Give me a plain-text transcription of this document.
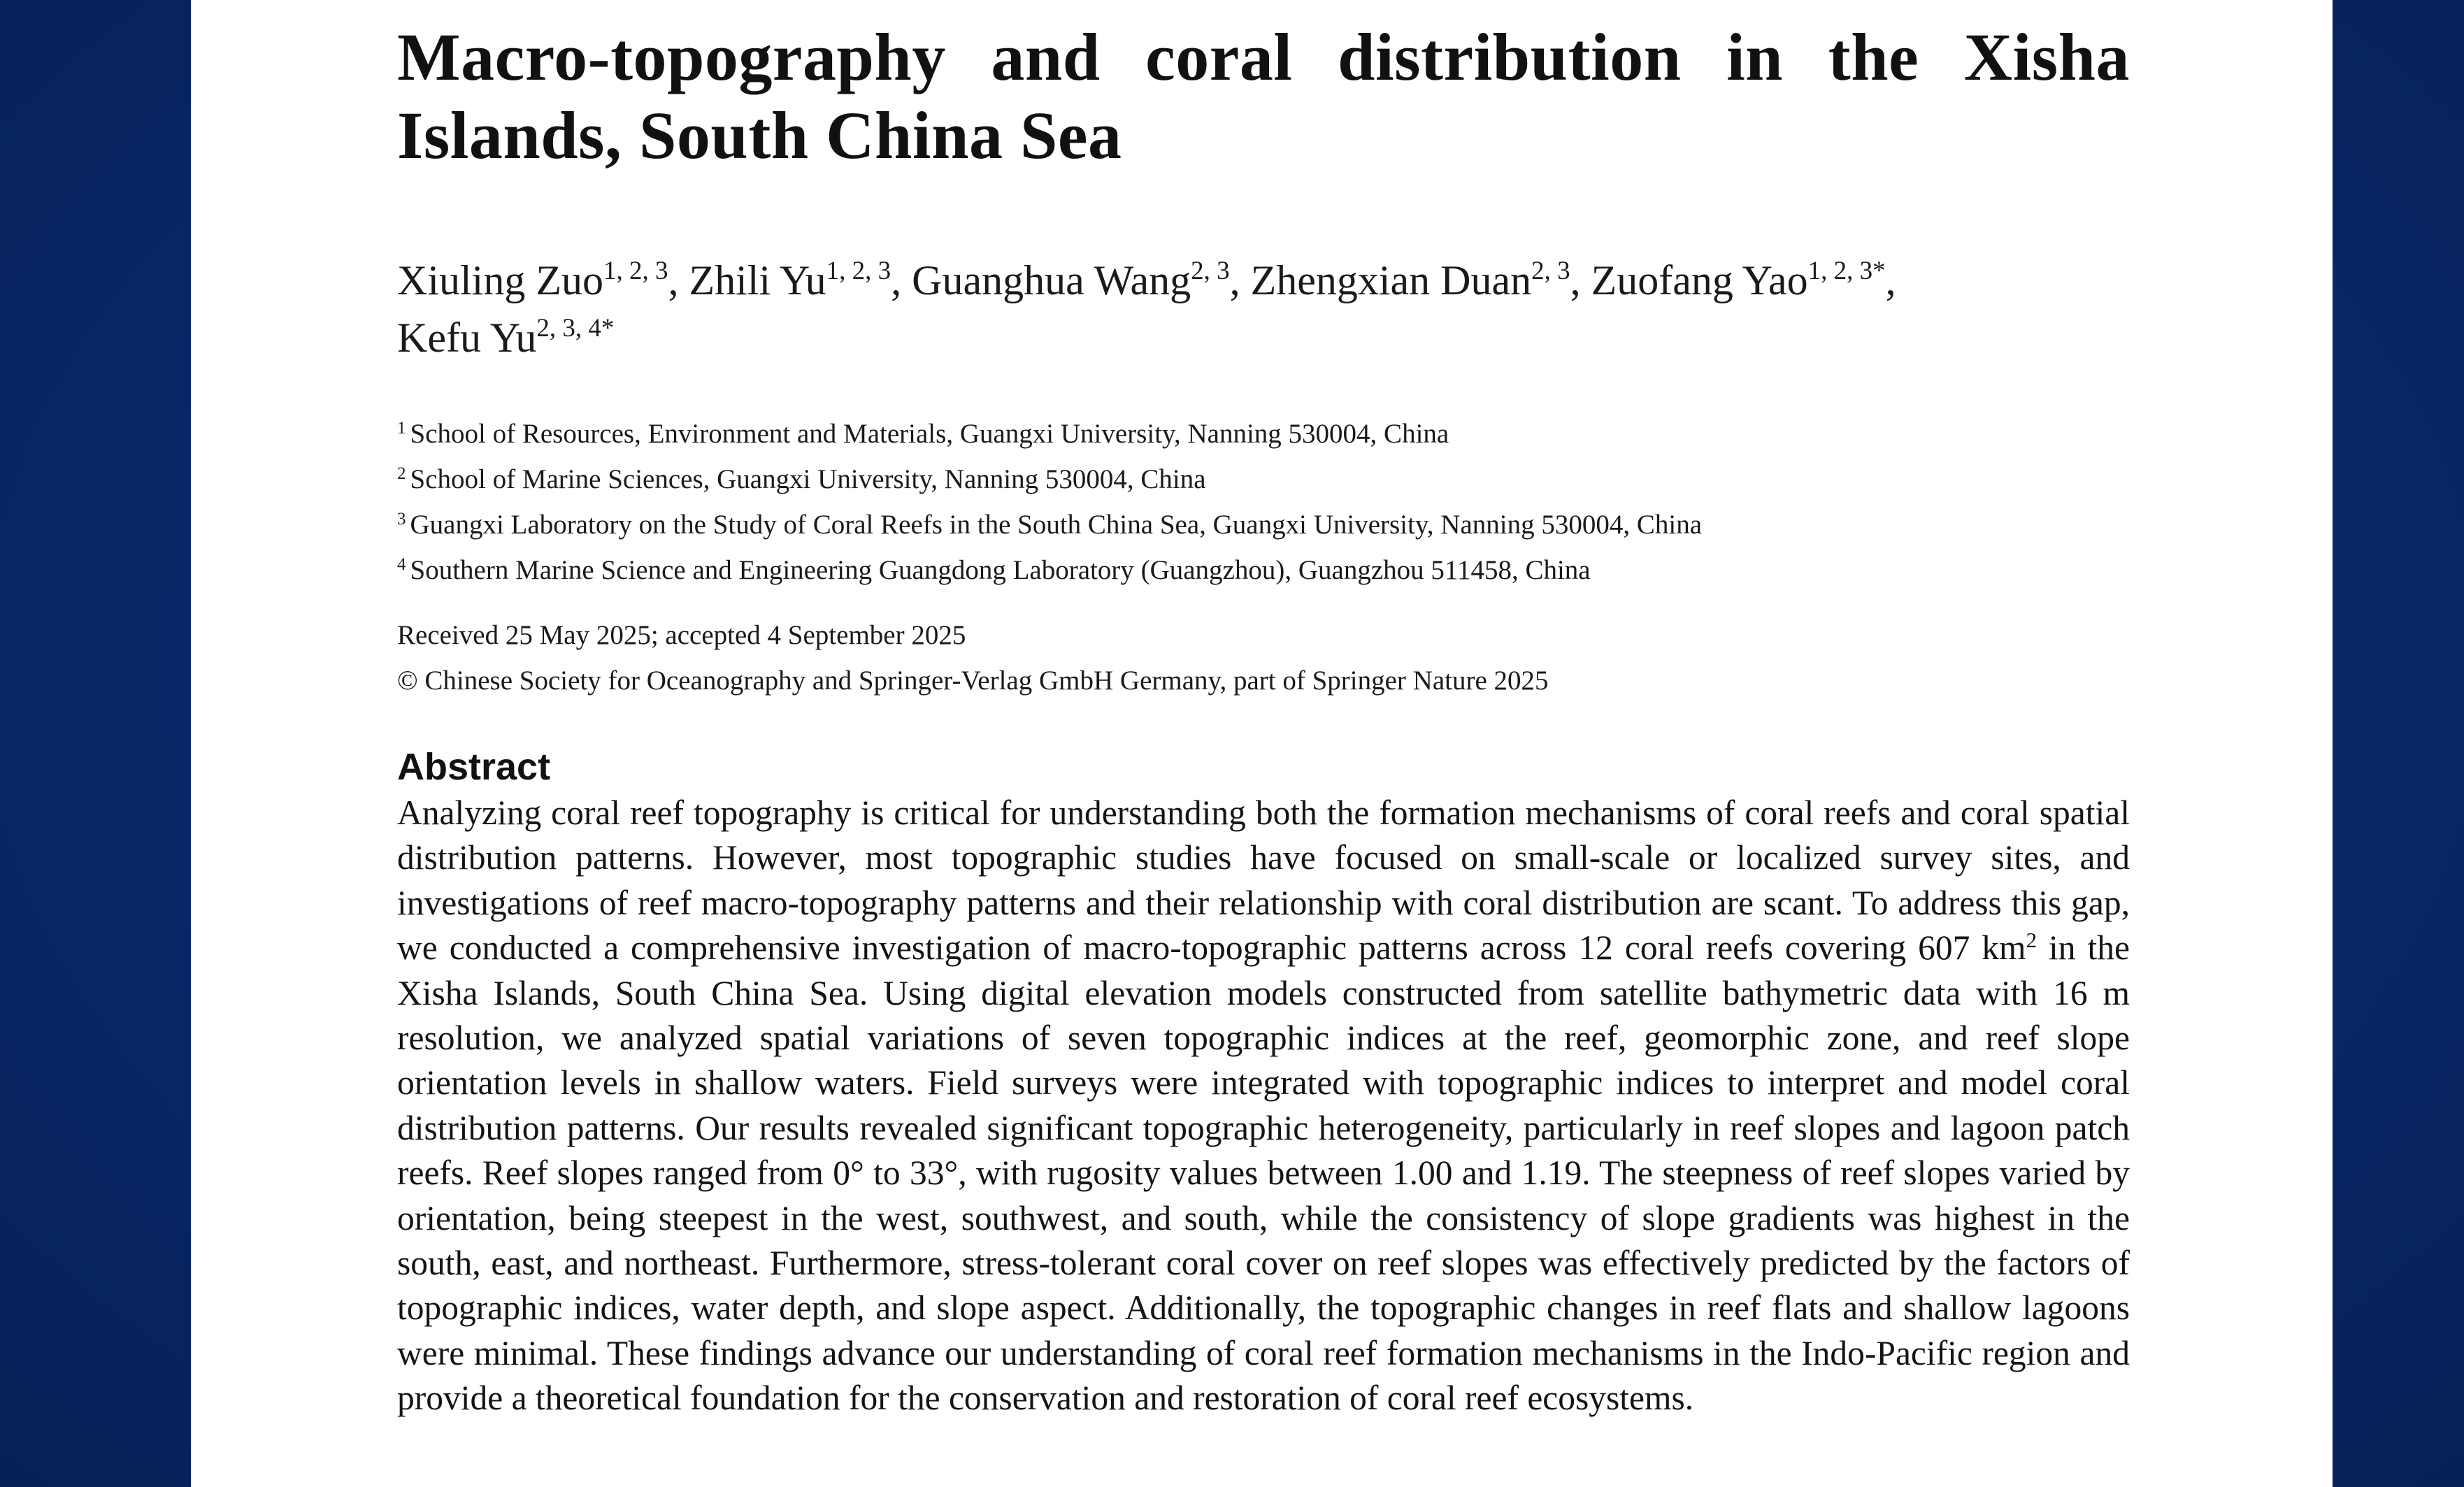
Macro-topography and coral distribution in the Xisha Islands, South China Sea
Xiuling Zuo$^{1, 2, 3}$, Zhili Yu$^{1, 2, 3}$, Guanghua Wang$^{2, 3}$, Zhengxian Duan$^{2, 3}$, Zuofang Yao$^{1, 2, 3*}$,
Kefu $Yu^{2, 3, 4*}$
$^1$ School of Resources, Environment and Materials, Guangxi University, Nanning 530004, China
$^2$ School of Marine Sciences, Guangxi University, Nanning 530004, China
$^3$ Guangxi Laboratory on the Study of Coral Reefs in the South China Sea, Guangxi University, Nanning 530004, China
$^4$ Southern Marine Science and Engineering Guangdong Laboratory (Guangzhou), Guangzhou 511458, China
Received 25 May 2025; accepted 4 September 2025
© Chinese Society for Oceanography and Springer-Verlag GmbH Germany, part of Springer Nature 2025
Abstract
Analyzing coral reef topography is critical for understanding both the formation mechanisms of coral reefs and coral spatial distribution patterns. However, most topographic studies have focused on small-scale or localized survey sites, and investigations of reef macro-topography patterns and their relationship with coral distribution are scant. To address this gap, we conducted a comprehensive investigation of macro-topographic patterns across 12 coral reefs covering 607 $km^2$ in the Xisha Islands, South China Sea. Using digital elevation models constructed from satellite bathymetric data with 16 m resolution, we analyzed spatial variations of seven topographic indices at the reef, geomorphic zone, and reef slope orientation levels in shallow waters. Field surveys were integrated with topographic indices to interpret and model coral distribution patterns. Our results revealed significant topographic heterogeneity, particularly in reef slopes and lagoon patch reefs. Reef slopes ranged from 0° to 33°, with rugosity values between 1.00 and 1.19. The steepness of reef slopes varied by orientation, being steepest in the west, southwest, and south, while the consistency of slope gradients was highest in the south, east, and northeast. Furthermore, stress-tolerant coral cover on reef slopes was effectively predicted by the factors of topographic indices, water depth, and slope aspect. Additionally, the topographic changes in reef flats and shallow lagoons were minimal. These findings advance our understanding of coral reef formation mechanisms in the Indo-Pacific region and provide a theoretical foundation for the conservation and restoration of coral reef ecosystems.
